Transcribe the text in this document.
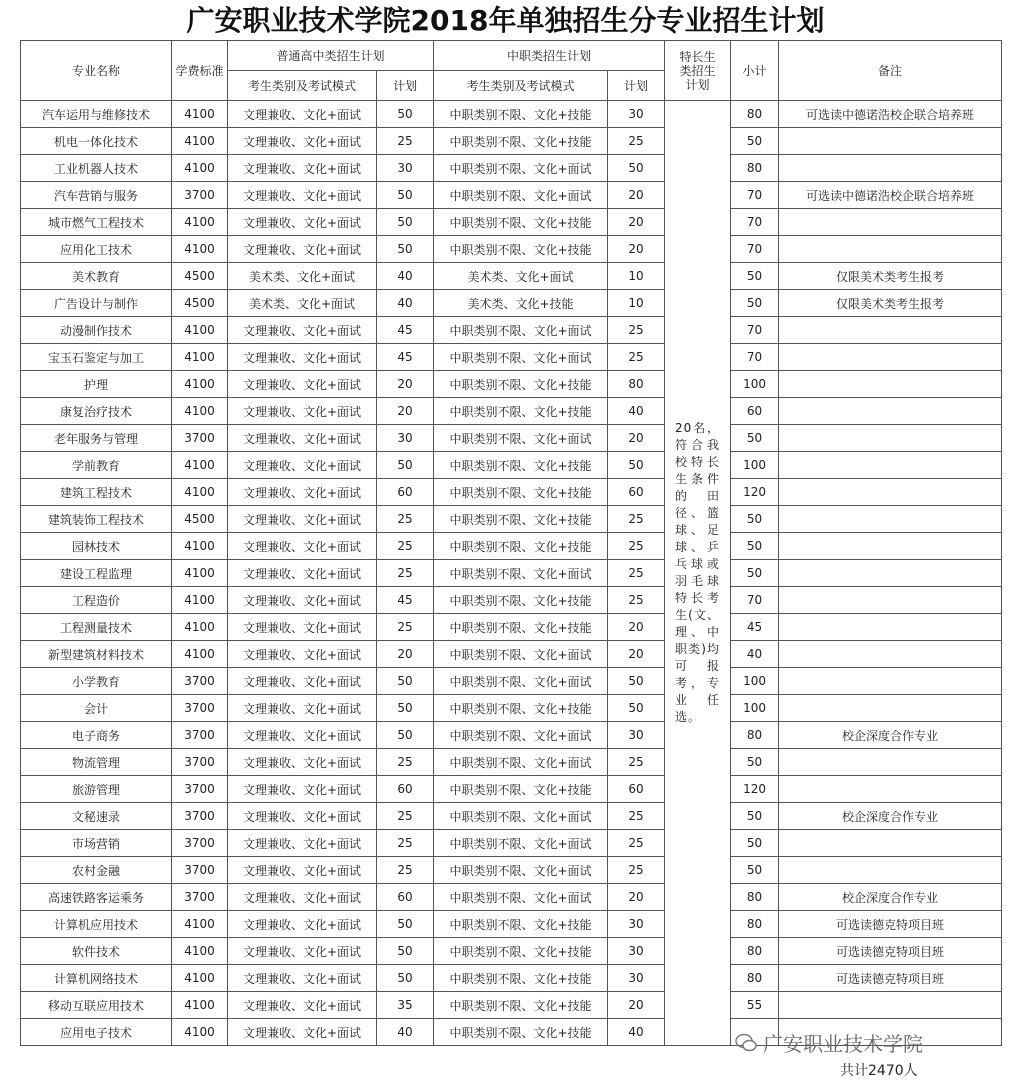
广安职业技术学院2018年单独招生分专业招生计划
专业名称	学费标准	普通高中类招生计划		中职类招生计划		特长生类招生计划	小计	备注
		考生类别及考试模式	计划	考生类别及考试模式	计划			
汽车运用与维修技术	4100	文理兼收、文化+面试	50	中职类别不限、文化+技能	30	20名，符合我校特长生条件的田径、篮球、足球、乒乓球或羽毛球特长考生(文、理、中职类)均可报考，专业任选。	80	可选读中德诺浩校企联合培养班
机电一体化技术	4100	文理兼收、文化+面试	25	中职类别不限、文化+技能	25		50	
工业机器人技术	4100	文理兼收、文化+面试	30	中职类别不限、文化+面试	50		80	
汽车营销与服务	3700	文理兼收、文化+面试	50	中职类别不限、文化+面试	20		70	可选读中德诺浩校企联合培养班
城市燃气工程技术	4100	文理兼收、文化+面试	50	中职类别不限、文化+技能	20		70	
应用化工技术	4100	文理兼收、文化+面试	50	中职类别不限、文化+技能	20		70	
美术教育	4500	美术类、文化+面试	40	美术类、文化+面试	10		50	仅限美术类考生报考
广告设计与制作	4500	美术类、文化+面试	40	美术类、文化+技能	10		50	仅限美术类考生报考
动漫制作技术	4100	文理兼收、文化+面试	45	中职类别不限、文化+面试	25		70	
宝玉石鉴定与加工	4100	文理兼收、文化+面试	45	中职类别不限、文化+面试	25		70	
护理	4100	文理兼收、文化+面试	20	中职类别不限、文化+技能	80		100	
康复治疗技术	4100	文理兼收、文化+面试	20	中职类别不限、文化+技能	40		60	
老年服务与管理	3700	文理兼收、文化+面试	30	中职类别不限、文化+面试	20		50	
学前教育	4100	文理兼收、文化+面试	50	中职类别不限、文化+技能	50		100	
建筑工程技术	4100	文理兼收、文化+面试	60	中职类别不限、文化+技能	60		120	
建筑装饰工程技术	4500	文理兼收、文化+面试	25	中职类别不限、文化+技能	25		50	
园林技术	4100	文理兼收、文化+面试	25	中职类别不限、文化+技能	25		50	
建设工程监理	4100	文理兼收、文化+面试	25	中职类别不限、文化+面试	25		50	
工程造价	4100	文理兼收、文化+面试	45	中职类别不限、文化+技能	25		70	
工程测量技术	4100	文理兼收、文化+面试	25	中职类别不限、文化+技能	20		45	
新型建筑材料技术	4100	文理兼收、文化+面试	20	中职类别不限、文化+面试	20		40	
小学教育	3700	文理兼收、文化+面试	50	中职类别不限、文化+面试	50		100	
会计	3700	文理兼收、文化+面试	50	中职类别不限、文化+技能	50		100	
电子商务	3700	文理兼收、文化+面试	50	中职类别不限、文化+面试	30		80	校企深度合作专业
物流管理	3700	文理兼收、文化+面试	25	中职类别不限、文化+面试	25		50	
旅游管理	3700	文理兼收、文化+面试	60	中职类别不限、文化+技能	60		120	
文秘速录	3700	文理兼收、文化+面试	25	中职类别不限、文化+面试	25		50	校企深度合作专业
市场营销	3700	文理兼收、文化+面试	25	中职类别不限、文化+面试	25		50	
农村金融	3700	文理兼收、文化+面试	25	中职类别不限、文化+面试	25		50	
高速铁路客运乘务	3700	文理兼收、文化+面试	60	中职类别不限、文化+面试	20		80	校企深度合作专业
计算机应用技术	4100	文理兼收、文化+面试	50	中职类别不限、文化+技能	30		80	可选读德克特项目班
软件技术	4100	文理兼收、文化+面试	50	中职类别不限、文化+技能	30		80	可选读德克特项目班
计算机网络技术	4100	文理兼收、文化+面试	50	中职类别不限、文化+技能	30		80	可选读德克特项目班
移动互联应用技术	4100	文理兼收、文化+面试	35	中职类别不限、文化+技能	20		55	
应用电子技术	4100	文理兼收、文化+面试	40	中职类别不限、文化+技能	40				广安职业技术学院
共计2470人
